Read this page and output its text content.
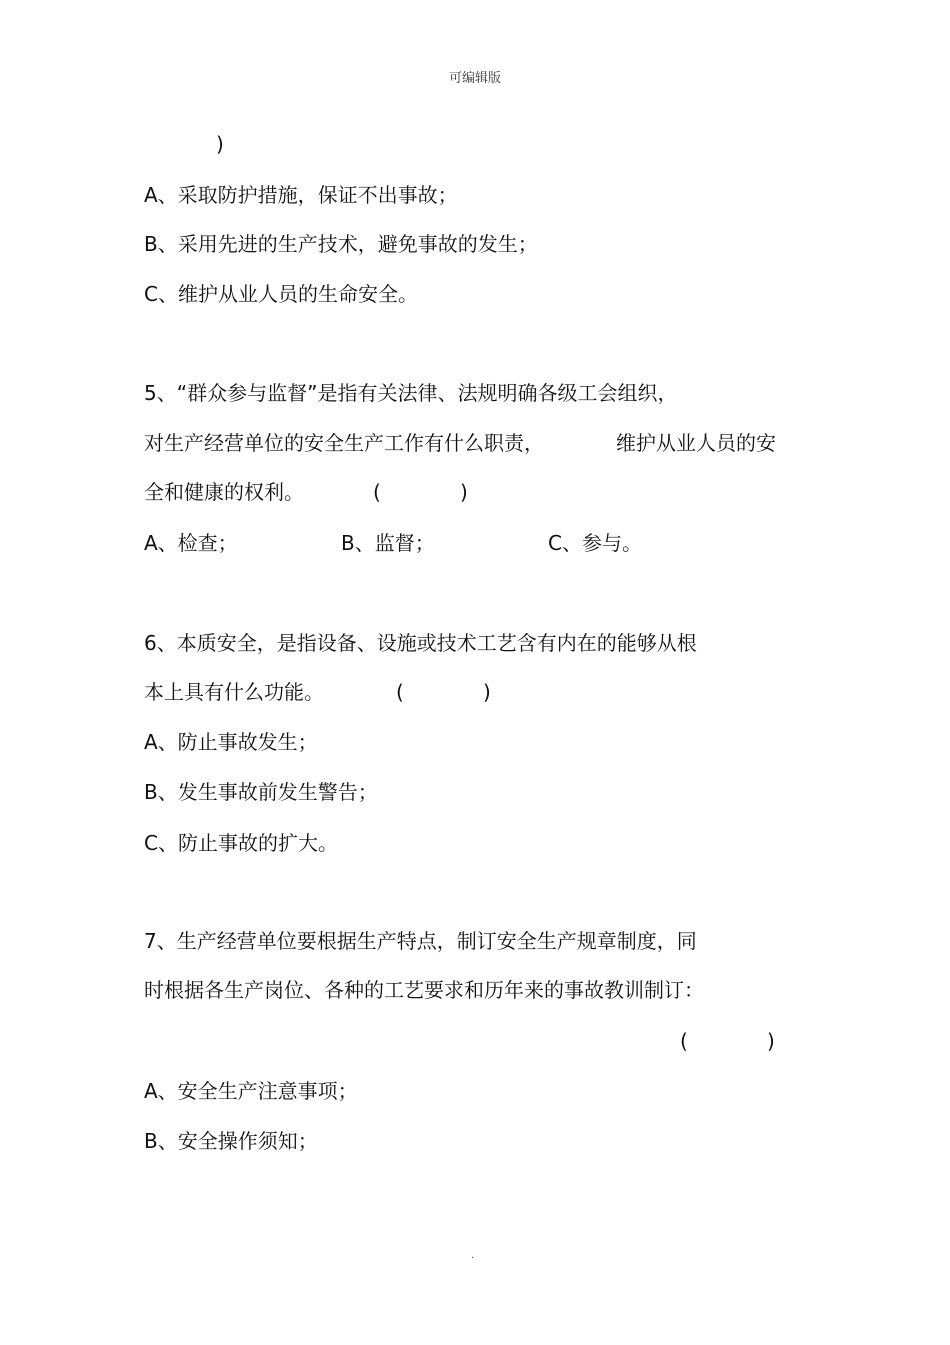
可编辑版
)
A、采取防护措施，保证不出事故；
B、采用先进的生产技术，避免事故的发生；
C、维护从业人员的生命安全。
5、“群众参与监督”是指有关法律、法规明确各级工会组织，
对生产经营单位的安全生产工作有什么职责，	维护从业人员的安
全和健康的权利。	(	)
A、检查；	B、监督；	C、参与。
6、本质安全，是指设备、设施或技术工艺含有内在的能够从根
本上具有什么功能。	(	)
A、防止事故发生；
B、发生事故前发生警告；
C、防止事故的扩大。
7、生产经营单位要根据生产特点，制订安全生产规章制度，同
时根据各生产岗位、各种的工艺要求和历年来的事故教训制订：
(	)
A、安全生产注意事项；
B、安全操作须知；
.
